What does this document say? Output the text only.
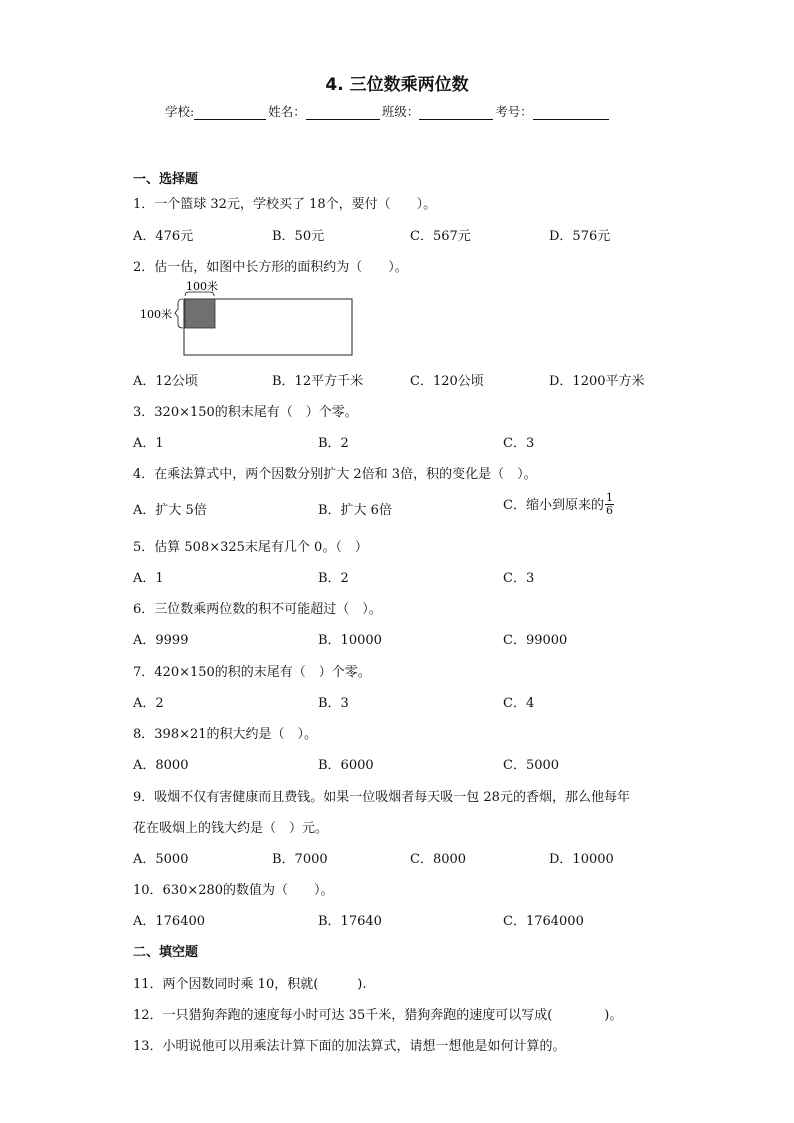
4. 三位数乘两位数
学校:	姓名：	班级：	考号：
一、选择题
1．一个篮球 32元，学校买了 18个，要付（　　）。
A．476元	B．50元	C．567元	D．576元
2．估一估，如图中长方形的面积约为（　　）。
100米
100米
A．12公顷	B．12平方千米	C．120公顷	D．1200平方米
3．320×150的积末尾有（　）个零。
A．1	B．2	C．3
4．在乘法算式中，两个因数分别扩大 2倍和 3倍，积的变化是（　）。
A．扩大 5倍	B．扩大 6倍	C．缩小到原来的 $\frac{1}{6}$
5．估算 508×325末尾有几个 0。（　）
A．1	B．2	C．3
6．三位数乘两位数的积不可能超过（　）。
A．9999	B．10000	C．99000
7．420×150的积的末尾有（　）个零。
A．2	B．3	C．4
8．398×21的积大约是（　）。
A．8000	B．6000	C．5000
9．吸烟不仅有害健康而且费钱。如果一位吸烟者每天吸一包 28元的香烟，那么他每年
花在吸烟上的钱大约是（　）元。
A．5000	B．7000	C．8000	D．10000
10．630×280的数值为（　　）。
A．176400	B．17640	C．1764000
二、填空题
11．两个因数同时乘 10，积就(　　　).
12．一只猎狗奔跑的速度每小时可达 35千米，猎狗奔跑的速度可以写成(　　　　)。
13．小明说他可以用乘法计算下面的加法算式，请想一想他是如何计算的。
